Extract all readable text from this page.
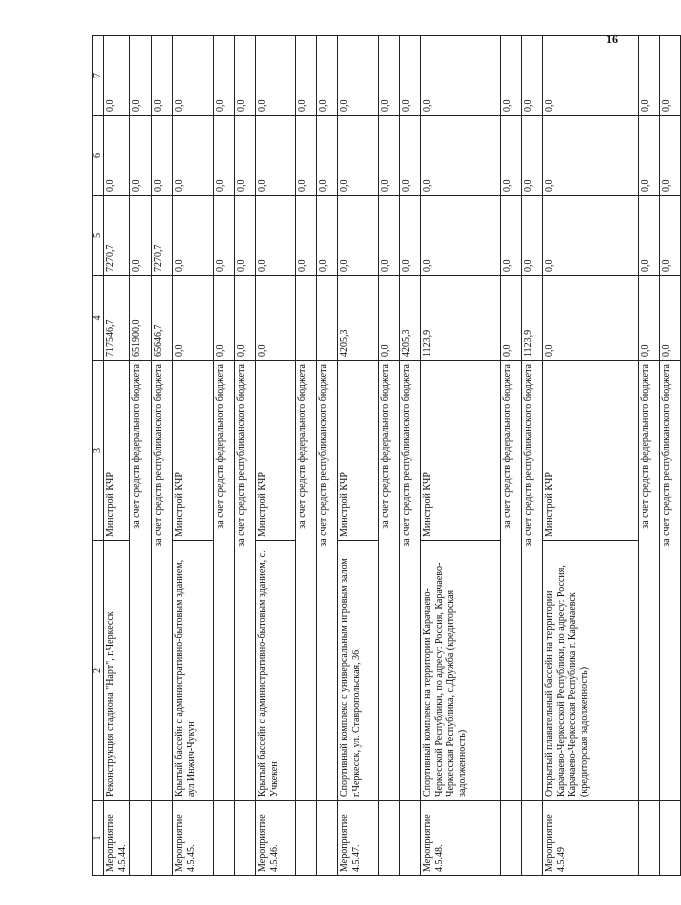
16
1	2	3	4	5	6	7
Мероприятие 4.5.44.	Реконструкция стадиона "Нарт", г.Черкесск	Минстрой КЧР	717546,7	7270,7	0,0	0,0
	за счет средств федерального бюджета		651900,0	0,0	0,0	0,0
	за счет средств республиканского бюджета		65646,7	7270,7	0,0	0,0
Мероприятие 4.5.45.	Крытый бассейн с административно-бытовым зданием, аул Инжич-Чукун	Минстрой КЧР	0,0	0,0	0,0	0,0
	за счет средств федерального бюджета		0,0	0,0	0,0	0,0
	за счет средств республиканского бюджета		0,0	0,0	0,0	0,0
Мероприятие 4.5.46.	Крытый бассейн с административно-бытовым зданием, с. Учкекен	Минстрой КЧР	0,0	0,0	0,0	0,0
	за счет средств федерального бюджета			0,0	0,0	0,0
	за счет средств республиканского бюджета			0,0	0,0	0,0
Мероприятие 4.5.47.	Спортивный комплекс с универсальным игровым залом г.Черкесск, ул. Ставропольская, 36	Минстрой КЧР	4205,3	0,0	0,0	0,0
	за счет средств федерального бюджета		0,0	0,0	0,0	0,0
	за счет средств республиканского бюджета		4205,3	0,0	0,0	0,0
Мероприятие 4.5.48.	Спортивный комплекс на территории Карачаево-Черкесской Республики, по адресу: Россия, Карачаево-Черкесская Республика, с.Дружба (кредиторская задолженность)	Минстрой КЧР	1123,9	0,0	0,0	0,0
	за счет средств федерального бюджета		0,0	0,0	0,0	0,0
	за счет средств республиканского бюджета		1123,9	0,0	0,0	0,0
Мероприятие 4.5.49	Открытый плавательный бассейн на территории Карачаево-Черкесской Республики, по адресу: Россия, Карачаево-Черкесская Республика г. Карачаевск (кредиторская задолженность)	Минстрой КЧР	0,0	0,0	0,0	0,0
	за счет средств федерального бюджета		0,0	0,0	0,0	0,0
	за счет средств республиканского бюджета		0,0	0,0	0,0	0,0
